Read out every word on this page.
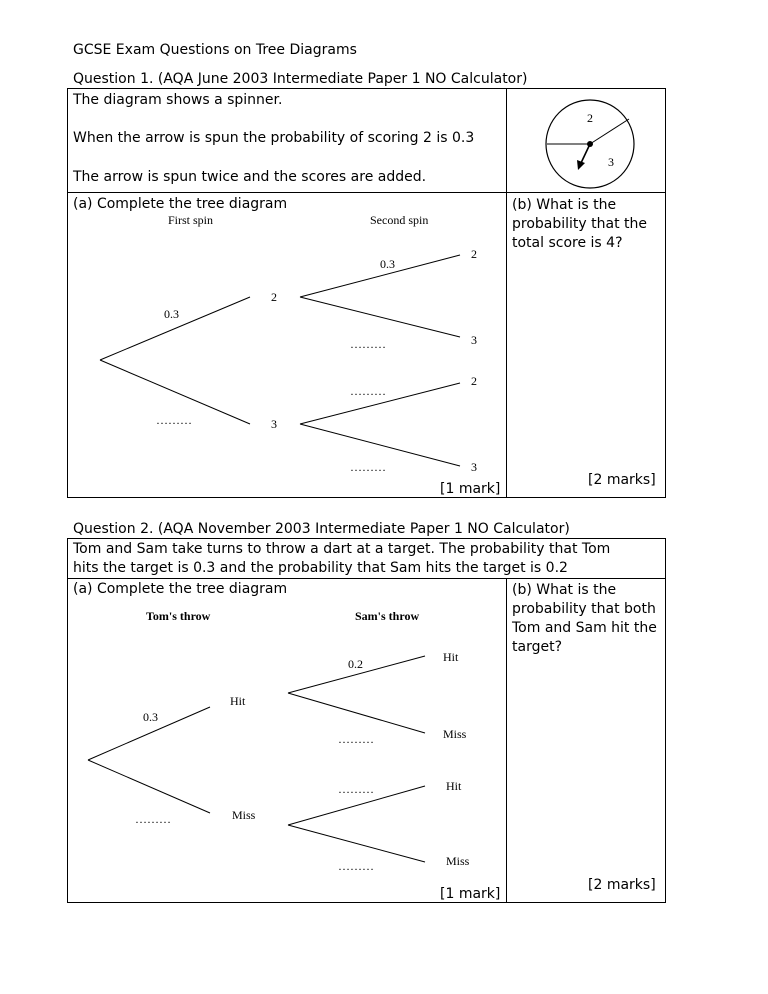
GCSE Exam Questions on Tree Diagrams
Question 1. (AQA June 2003 Intermediate Paper 1 NO Calculator)
The diagram shows a spinner.
When the arrow is spun the probability of scoring 2 is 0.3
The arrow is spun twice and the scores are added.
2
3
(a) Complete the tree diagram	(b) What is the probability that the total score is 4?
First spin	Second spin
0.3
………
2
3
0.3
………
………
………
2
3
2
3
[1 mark]
[2 marks]
Question 2. (AQA November 2003 Intermediate Paper 1 NO Calculator)
Tom and Sam take turns to throw a dart at a target. The probability that Tom
hits the target is 0.3 and the probability that Sam hits the target is 0.2
(a) Complete the tree diagram	(b) What is the probability that both Tom and Sam hit the target?
Tom's throw	Sam's throw
0.3
………
Hit
Miss
0.2
………
………
………
Hit
Miss
Hit
Miss
[1 mark]
[2 marks]
